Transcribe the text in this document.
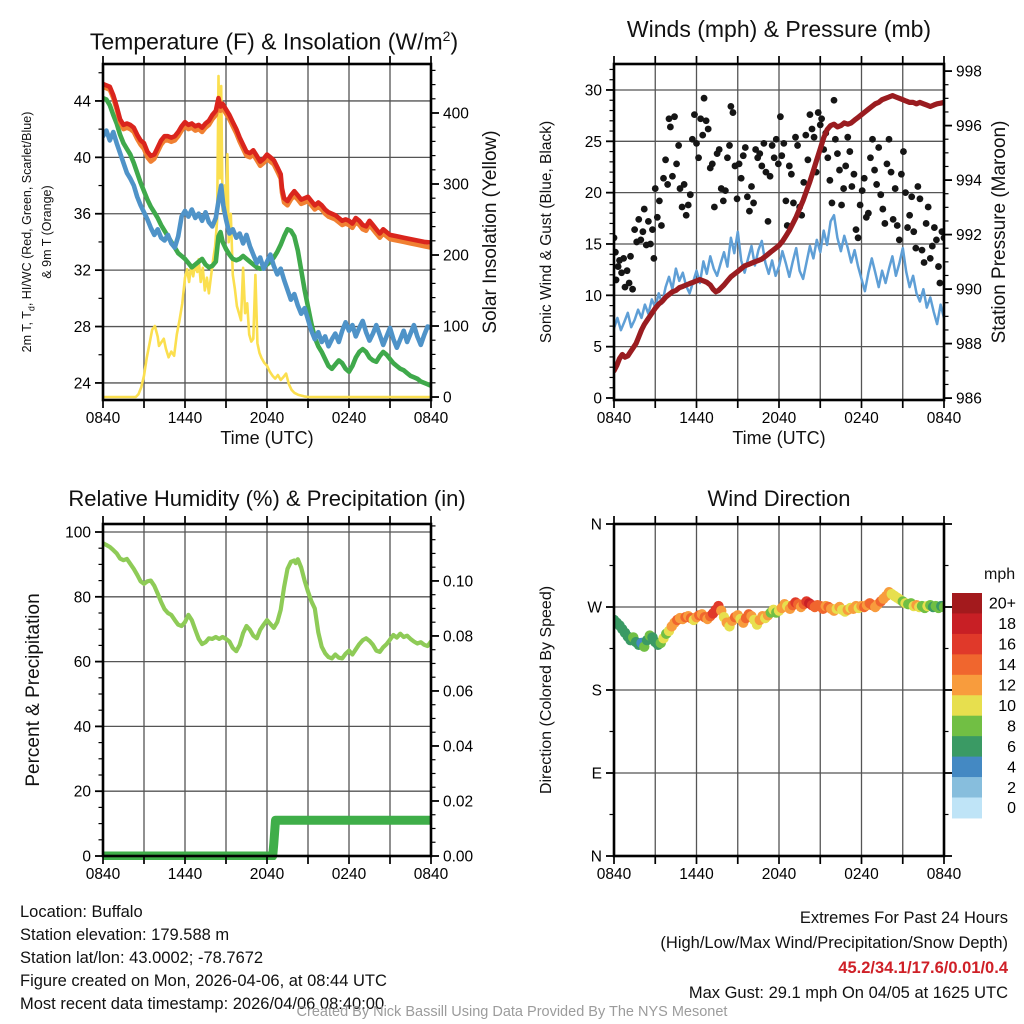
0840	1440	2040	0240	0840
24
28
32
36
40
44
0
100
200
300
400
0840	1440	2040	0240	0840
0
5
10
15
20
25
30
986
988
990
992
994
996
998
0840	1440	2040	0240	0840
0
20
40
60
80
100
0.00
0.02
0.04
0.06
0.08
0.10
0840	1440	2040	0240	0840
N
E
S
W
N
20+
18
16
14
12
10
8
6
4
2
0
Temperature (F) & Insolation $(W/m^2)$	Winds (mph) & Pressure (mb)
Relative Humidity (%) & Precipitation (in)	Wind Direction
Time (UTC)	Time (UTC)
2m T, $T_d$, HI/WC (Red, Green, Scarlet/Blue) & 9m T (Orange)	Solar Insolation (Yellow) Sonic Wind & Gust (Blue, Black)	Station Pressure (Maroon)
Percent & Precipitation	Direction (Colored By Speed)
mph
Location: Buffalo
Station elevation: 179.588 m
Station lat/lon: 43.0002; -78.7672
Figure created on Mon, 2026-04-06, at 08:44 UTC
Most recent data timestamp: 2026/04/06 08:40:00
Extremes For Past 24 Hours
(High/Low/Max Wind/Precipitation/Snow Depth)
45.2/34.1/17.6/0.01/0.4
Max Gust: 29.1 mph On 04/05 at 1625 UTC
Created By Nick Bassill Using Data Provided By The NYS Mesonet
